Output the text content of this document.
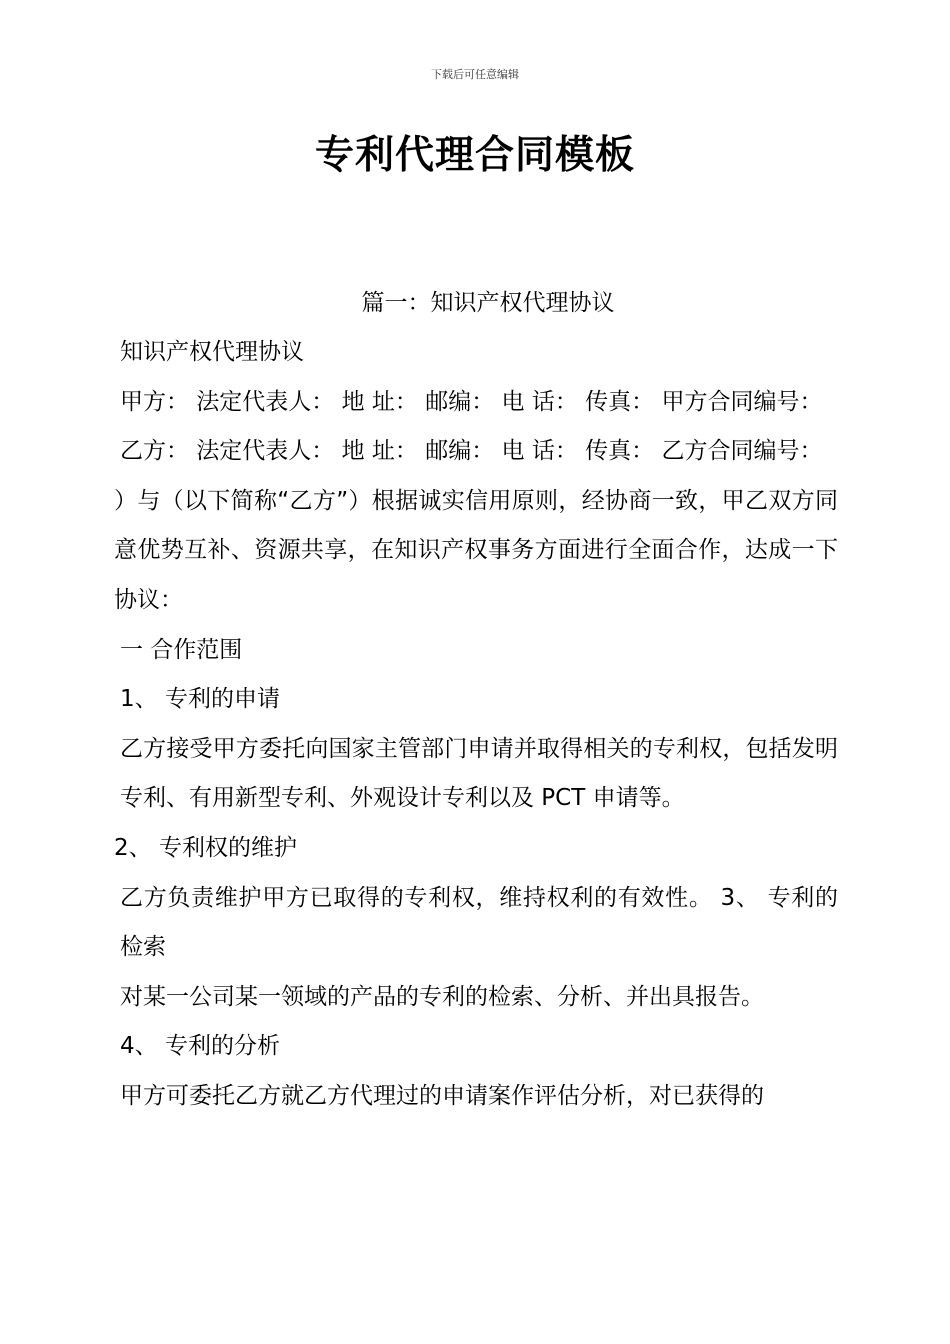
下载后可任意编辑
专利代理合同模板
篇一：知识产权代理协议

知识产权代理协议

甲方： 法定代表人： 地 址： 邮编： 电 话： 传真： 甲方合同编号：

乙方： 法定代表人： 地 址： 邮编： 电 话： 传真： 乙方合同编号：

）与（以下简称“乙方”）根据诚实信用原则，经协商一致，甲乙双方同意优势互补、资源共享，在知识产权事务方面进行全面合作，达成一下协议：

一 合作范围

1、 专利的申请

乙方接受甲方委托向国家主管部门申请并取得相关的专利权，包括发明专利、有用新型专利、外观设计专利以及 PCT 申请等。

2、 专利权的维护

乙方负责维护甲方已取得的专利权，维持权利的有效性。 3、 专利的检索

对某一公司某一领域的产品的专利的检索、分析、并出具报告。

4、 专利的分析

甲方可委托乙方就乙方代理过的申请案作评估分析，对已获得的
